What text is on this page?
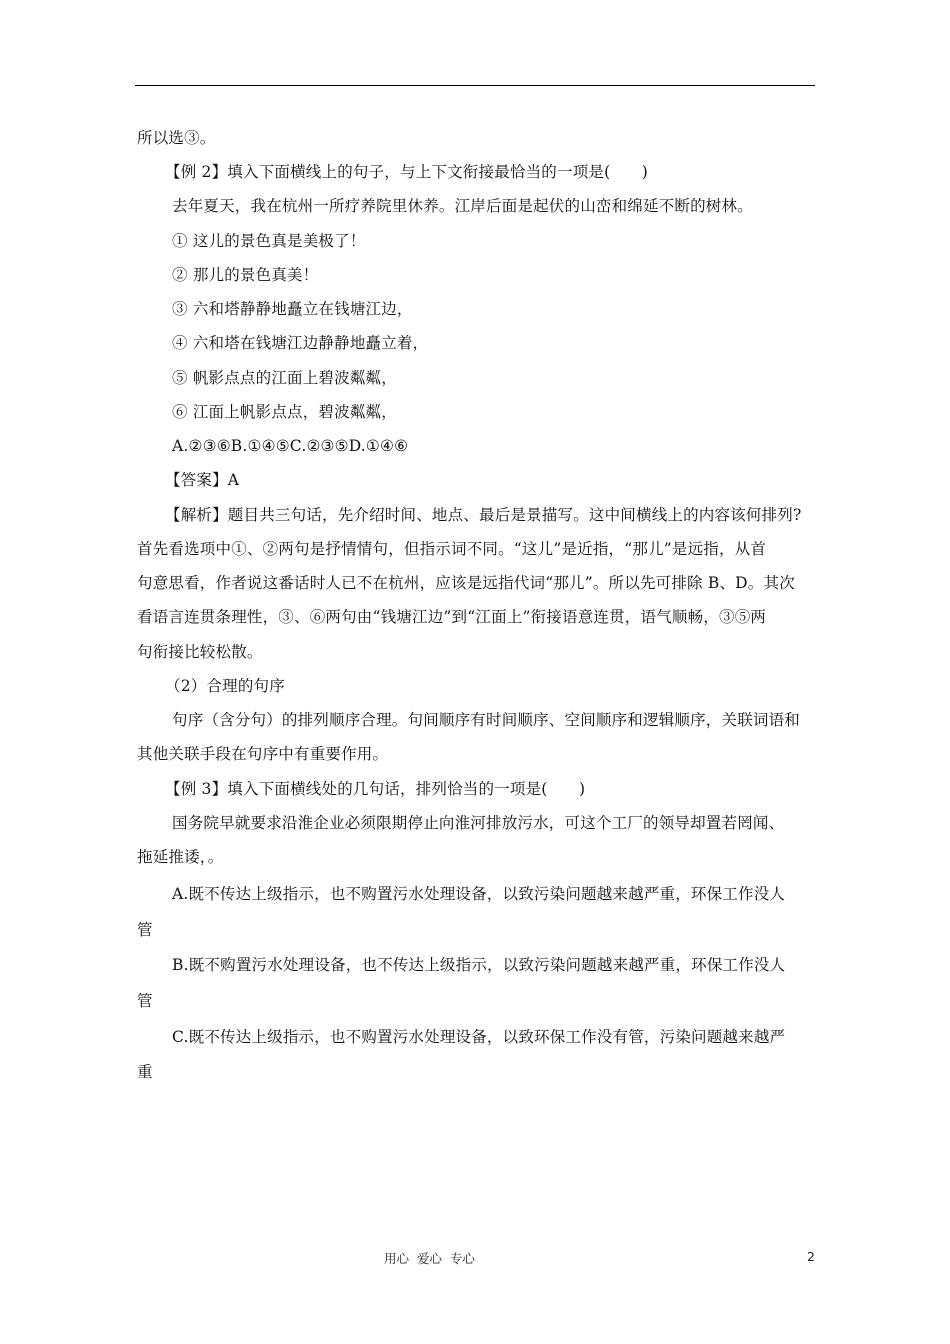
所以选③。
【例 2】填入下面横线上的句子，与上下文衔接最恰当的一项是(　　)
去年夏天，我在杭州一所疗养院里休养。江岸后面是起伏的山峦和绵延不断的树林。
① 这儿的景色真是美极了！
② 那儿的景色真美！
③ 六和塔静静地矗立在钱塘江边，
④ 六和塔在钱塘江边静静地矗立着，
⑤ 帆影点点的江面上碧波粼粼，
⑥ 江面上帆影点点，碧波粼粼，
A.②③⑥B.①④⑤C.②③⑤D.①④⑥
【答案】A
【解析】题目共三句话，先介绍时间、地点、最后是景描写。这中间横线上的内容该何排列?
首先看选项中①、②两句是抒情情句，但指示词不同。“这儿”是近指，“那儿”是远指，从首
句意思看，作者说这番话时人已不在杭州，应该是远指代词“那儿”。所以先可排除 B、D。其次
看语言连贯条理性，③、⑥两句由“钱塘江边”到“江面上”衔接语意连贯，语气顺畅，③⑤两
句衔接比较松散。
（2）合理的句序
句序（含分句）的排列顺序合理。句间顺序有时间顺序、空间顺序和逻辑顺序，关联词语和
其他关联手段在句序中有重要作用。
【例 3】填入下面横线处的几句话，排列恰当的一项是(　　)
国务院早就要求沿淮企业必须限期停止向淮河排放污水，可这个工厂的领导却置若罔闻、
拖延推诿，。
A.既不传达上级指示，也不购置污水处理设备，以致污染问题越来越严重，环保工作没人
管
B.既不购置污水处理设备，也不传达上级指示，以致污染问题越来越严重，环保工作没人
管
C.既不传达上级指示，也不购置污水处理设备，以致环保工作没有管，污染问题越来越严
重
用心  爱心  专心	2
